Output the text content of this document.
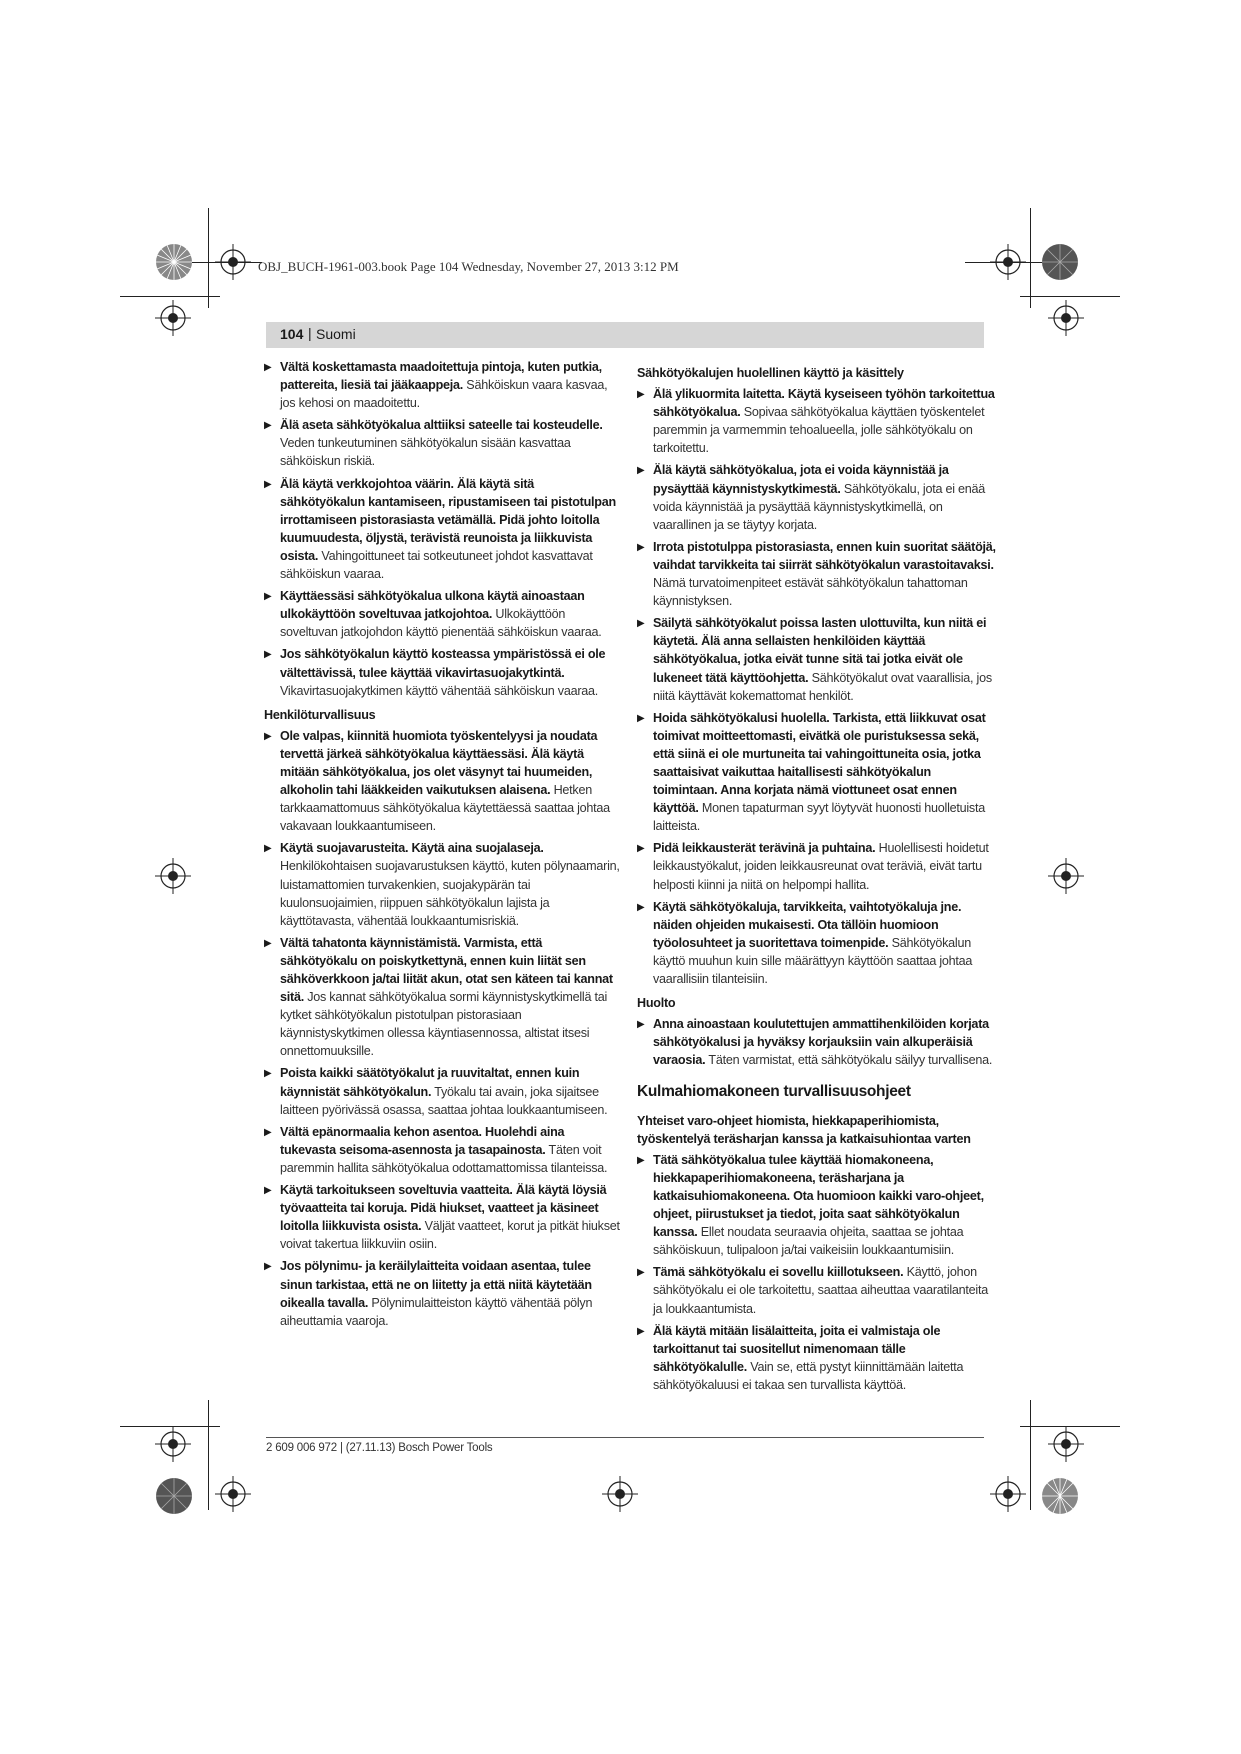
OBJ_BUCH-1961-003.book Page 104 Wednesday, November 27, 2013 3:12 PM
104 | Suomi
▶ Vältä koskettamasta maadoitettuja pintoja, kuten putkia, pattereita, liesiä tai jääkaappeja. Sähköiskun vaara kasvaa, jos kehosi on maadoitettu.
▶ Älä aseta sähkötyökalua alttiiksi sateelle tai kosteudelle. Veden tunkeutuminen sähkötyökalun sisään kasvattaa sähköiskun riskiä.
▶ Älä käytä verkkojohtoa väärin. Älä käytä sitä sähkötyökalun kantamiseen, ripustamiseen tai pistotulpan irrottamiseen pistorasiasta vetämällä. Pidä johto loitolla kuumuudesta, öljystä, terävistä reunoista ja liikkuvista osista. Vahingoittuneet tai sotkeutuneet johdot kasvattavat sähköiskun vaaraa.
▶ Käyttäessäsi sähkötyökalua ulkona käytä ainoastaan ulkokäyttöön soveltuvaa jatkojohtoa. Ulkokäyttöön soveltuvan jatkojohdon käyttö pienentää sähköiskun vaaraa.
▶ Jos sähkötyökalun käyttö kosteassa ympäristössä ei ole vältettävissä, tulee käyttää vikavirtasuojakytkintä. Vikavirtasuojakytkimen käyttö vähentää sähköiskun vaaraa.
Henkilöturvallisuus
▶ Ole valpas, kiinnitä huomiota työskentelyysi ja noudata tervettä järkeä sähkötyökalua käyttäessäsi. Älä käytä mitään sähkötyökalua, jos olet väsynyt tai huumeiden, alkoholin tahi lääkkeiden vaikutuksen alaisena. Hetken tarkkaamattomuus sähkötyökalua käytettäessä saattaa johtaa vakavaan loukkaantumiseen.
▶ Käytä suojavarusteita. Käytä aina suojalaseja. Henkilökohtaisen suojavarustuksen käyttö, kuten pölynaamarin, luistamattomien turvakenkien, suojakypärän tai kuulonsuojaimien, riippuen sähkötyökalun lajista ja käyttötavasta, vähentää loukkaantumisriskiä.
▶ Vältä tahatonta käynnistämistä. Varmista, että sähkötyökalu on poiskytkettynä, ennen kuin liität sen sähköverkkoon ja/tai liität akun, otat sen käteen tai kannat sitä. Jos kannat sähkötyökalua sormi käynnistyskytkimellä tai kytket sähkötyökalun pistotulpan pistorasiaan käynnistyskytkimen ollessa käyntiasennossa, altistat itsesi onnettomuuksille.
▶ Poista kaikki säätötyökalut ja ruuvitaltat, ennen kuin käynnistät sähkötyökalun. Työkalu tai avain, joka sijaitsee laitteen pyörivässä osassa, saattaa johtaa loukkaantumiseen.
▶ Vältä epänormaalia kehon asentoa. Huolehdi aina tukevasta seisoma-asennosta ja tasapainosta. Täten voit paremmin hallita sähkötyökalua odottamattomissa tilanteissa.
▶ Käytä tarkoitukseen soveltuvia vaatteita. Älä käytä löysiä työvaatteita tai koruja. Pidä hiukset, vaatteet ja käsineet loitolla liikkuvista osista. Väljät vaatteet, korut ja pitkät hiukset voivat takertua liikkuviin osiin.
▶ Jos pölynimu- ja keräilylaitteita voidaan asentaa, tulee sinun tarkistaa, että ne on liitetty ja että niitä käytetään oikealla tavalla. Pölynimulaitteiston käyttö vähentää pölyn aiheuttamia vaaroja.
Sähkötyökalujen huolellinen käyttö ja käsittely
▶ Älä ylikuormita laitetta. Käytä kyseiseen työhön tarkoitettua sähkötyökalua. Sopivaa sähkötyökalua käyttäen työskentelet paremmin ja varmemmin tehoalueella, jolle sähkötyökalu on tarkoitettu.
▶ Älä käytä sähkötyökalua, jota ei voida käynnistää ja pysäyttää käynnistyskytkimestä. Sähkötyökalu, jota ei enää voida käynnistää ja pysäyttää käynnistyskytkimellä, on vaarallinen ja se täytyy korjata.
▶ Irrota pistotulppa pistorasiasta, ennen kuin suoritat säätöjä, vaihdat tarvikkeita tai siirrät sähkötyökalun varastoitavaksi. Nämä turvatoimenpiteet estävät sähkötyökalun tahattoman käynnistyksen.
▶ Säilytä sähkötyökalut poissa lasten ulottuvilta, kun niitä ei käytetä. Älä anna sellaisten henkilöiden käyttää sähkötyökalua, jotka eivät tunne sitä tai jotka eivät ole lukeneet tätä käyttöohjetta. Sähkötyökalut ovat vaarallisia, jos niitä käyttävät kokemattomat henkilöt.
▶ Hoida sähkötyökalusi huolella. Tarkista, että liikkuvat osat toimivat moitteettomasti, eivätkä ole puristuksessa sekä, että siinä ei ole murtuneita tai vahingoittuneita osia, jotka saattaisivat vaikuttaa haitallisesti sähkötyökalun toimintaan. Anna korjata nämä viottuneet osat ennen käyttöä. Monen tapaturman syyt löytyvät huonosti huolletuista laitteista.
▶ Pidä leikkausterät terävinä ja puhtaina. Huolellisesti hoidetut leikkaustyökalut, joiden leikkausreunat ovat teräviä, eivät tartu helposti kiinni ja niitä on helpompi hallita.
▶ Käytä sähkötyökaluja, tarvikkeita, vaihtotyökaluja jne. näiden ohjeiden mukaisesti. Ota tällöin huomioon työolosuhteet ja suoritettava toimenpide. Sähkötyökalun käyttö muuhun kuin sille määrättyyn käyttöön saattaa johtaa vaarallisiin tilanteisiin.
Huolto
▶ Anna ainoastaan koulutettujen ammattihenkilöiden korjata sähkötyökalusi ja hyväksy korjauksiin vain alkuperäisiä varaosia. Täten varmistat, että sähkötyökalu säilyy turvallisena.
Kulmahiomakoneen turvallisuusohjeet
Yhteiset varo-ohjeet hiomista, hiekkapaperihiomista, työskentelyä teräsharjan kanssa ja katkaisuhiontaa varten
▶ Tätä sähkötyökalua tulee käyttää hiomakoneena, hiekkapaperihiomakoneena, teräsharjana ja katkaisuhiomakoneena. Ota huomioon kaikki varo-ohjeet, ohjeet, piirustukset ja tiedot, joita saat sähkötyökalun kanssa. Ellet noudata seuraavia ohjeita, saattaa se johtaa sähköiskuun, tulipaloon ja/tai vaikeisiin loukkaantumisiin.
▶ Tämä sähkötyökalu ei sovellu kiillotukseen. Käyttö, johon sähkötyökalu ei ole tarkoitettu, saattaa aiheuttaa vaaratilanteita ja loukkaantumista.
▶ Älä käytä mitään lisälaitteita, joita ei valmistaja ole tarkoittanut tai suositellut nimenomaan tälle sähkötyökalulle. Vain se, että pystyt kiinnittämään laitetta sähkötyökaluusi ei takaa sen turvallista käyttöä.
2 609 006 972 | (27.11.13) Bosch Power Tools
